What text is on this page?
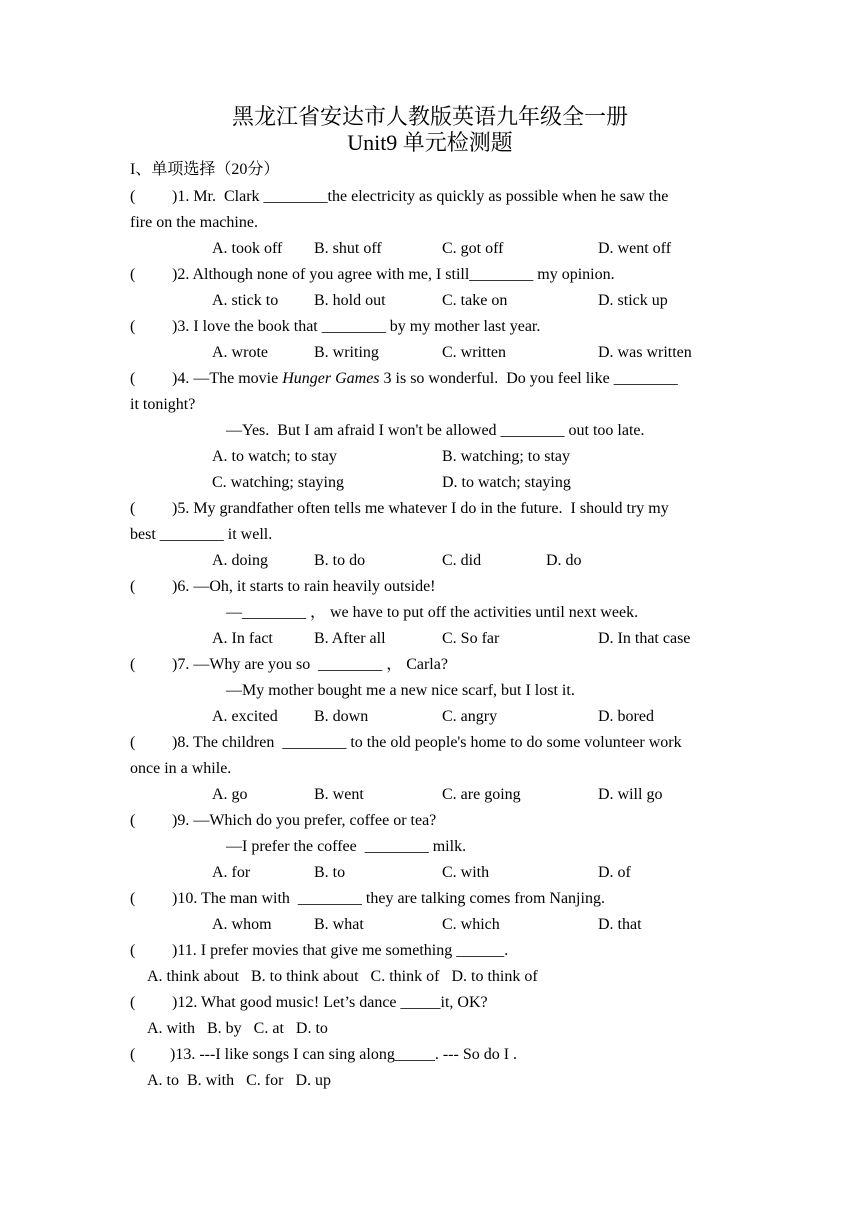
黑龙江省安达市人教版英语九年级全一册
Unit9 单元检测题
I、单项选择（20分）
( )1. Mr.  Clark ________the electricity as quickly as possible when he saw the
fire on the machine.

A. took off

B. shut off

	C. got off

	D. went off

( )2. Although none of you agree with me, I still________ my opinion.

A. stick to

B. hold out

	C. take on

	D. stick up

( )3. I love the book that ________ by my mother last year.

A. wrote

	B. writing

	C. written

	D. was written

( )4. —The movie Hunger Games 3 is so wonderful.  Do you feel like ________
it tonight?
—Yes.  But I am afraid I won't be allowed ________ out too late.

A. to watch; to stay

	B. watching; to stay

C. watching; staying

	D. to watch; staying

( )5. My grandfather often tells me whatever I do in the future.  I should try my
best ________ it well.

A. doing

	B. to do

	C. did

	D. do

( )6. —Oh, it starts to rain heavily outside!
—________ ， we have to put off the activities until next week.

A. In fact

	B. After all

	C. So far

	D. In that case

( )7. —Why are you so  ________ ， Carla?
—My mother bought me a new nice scarf, but I lost it.

A. excited

B. down

	C. angry

	D. bored

( )8. The children  ________ to the old people's home to do some volunteer work
once in a while.

A. go

	B. went

	C. are going

	D. will go

( )9. —Which do you prefer, coffee or tea?
—I prefer the coffee  ________ milk.

A. for

	B. to

	C. with

	D. of

( )10. The man with  ________ they are talking comes from Nanjing.

A. whom

	B. what

	C. which

	D. that

( )11. I prefer movies that give me something ______.
A. think about   B. to think about   C. think of   D. to think of
( )12. What good music! Let’s dance _____it, OK?
A. with   B. by   C. at   D. to
( )13. ---I like songs I can sing along_____. --- So do I .
A. to  B. with   C. for   D. up
